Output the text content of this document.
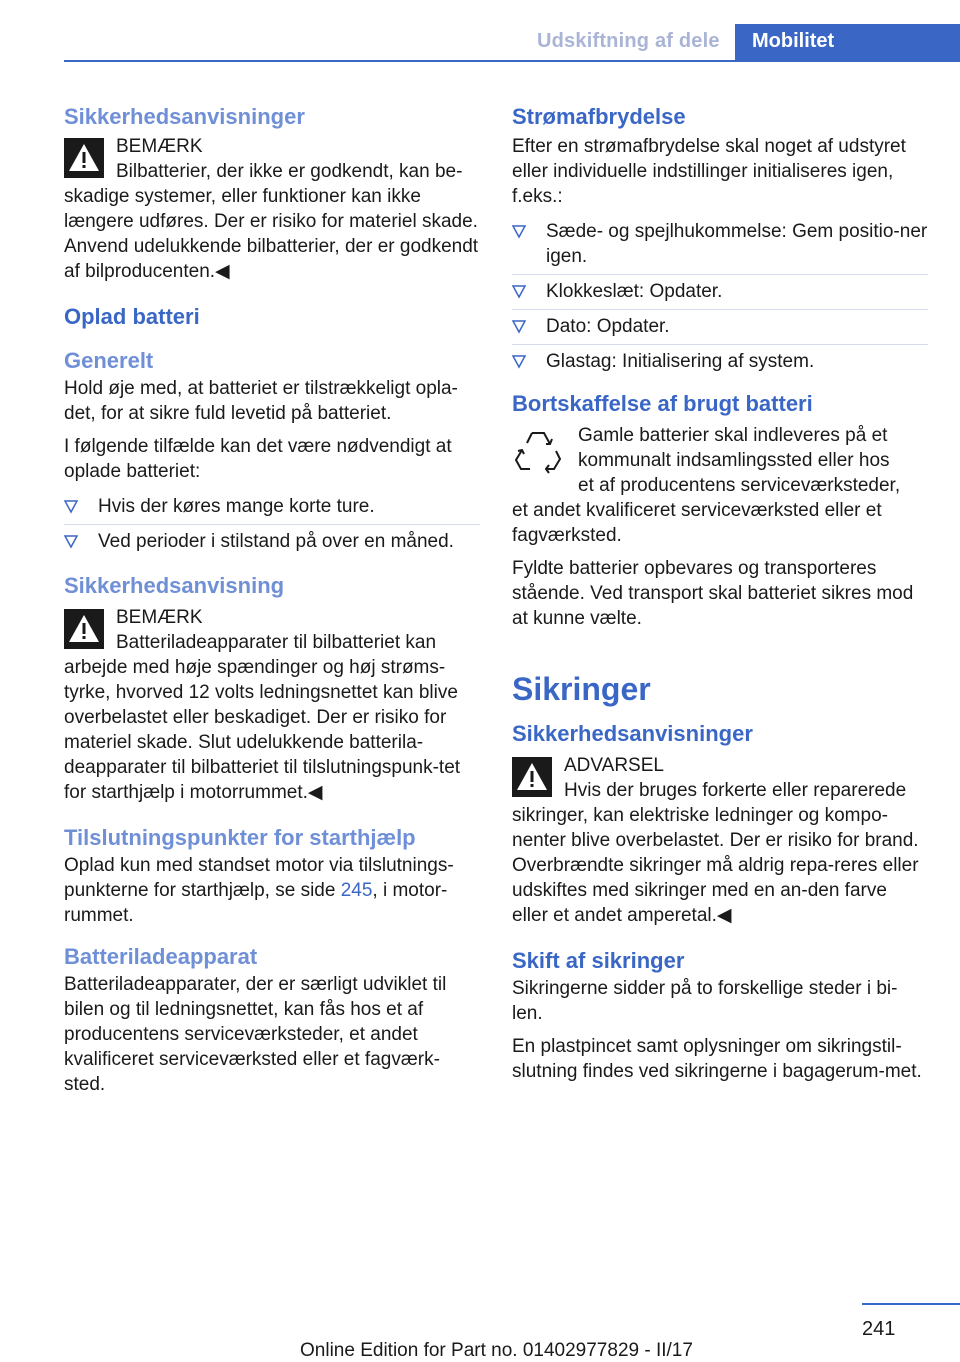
Udskiftning af dele	Mobilitet
Sikkerhedsanvisninger

BEMÆRK

Bilbatterier, der ikke er godkendt, kan be-

skadige systemer, eller funktioner kan ikke længere udføres. Der er risiko for materiel skade. Anvend udelukkende bilbatterier, der er godkendt af bilproducenten.◀

Oplad batteri
Generelt

Hold øje med, at batteriet er tilstrækkeligt opla-det, for at sikre fuld levetid på batteriet.

I følgende tilfælde kan det være nødvendigt at oplade batteriet:

Hvis der køres mange korte ture.
Ved perioder i stilstand på over en måned.
Sikkerhedsanvisning

BEMÆRK

Batteriladeapparater til bilbatteriet kan

arbejde med høje spændinger og høj strøms-tyrke, hvorved 12 volts ledningsnettet kan blive overbelastet eller beskadiget. Der er risiko for materiel skade. Slut udelukkende batterila-deapparater til bilbatteriet til tilslutningspunk-tet for starthjælp i motorrummet.◀

Tilslutningspunkter for starthjælp

Oplad kun med standset motor via tilslutnings-punkterne for starthjælp, se side 245, i motor-rummet.

Batteriladeapparat

Batteriladeapparater, der er særligt udviklet til bilen og til ledningsnettet, kan fås hos et af producentens serviceværksteder, et andet kvalificeret serviceværksted eller et fagværk-sted.

Strømafbrydelse

Efter en strømafbrydelse skal noget af udstyret eller individuelle indstillinger initialiseres igen, f.eks.:

Sæde- og spejlhukommelse: Gem positio-ner igen.
Klokkeslæt: Opdater.
Dato: Opdater.
Glastag: Initialisering af system.
Bortskaffelse af brugt batteri

Gamle batterier skal indleveres på et

kommunalt indsamlingssted eller hos

et af producentens serviceværksteder,

et andet kvalificeret serviceværksted eller et fagværksted.

Fyldte batterier opbevares og transporteres stående. Ved transport skal batteriet sikres mod at kunne vælte.

Sikringer
Sikkerhedsanvisninger

ADVARSEL

Hvis der bruges forkerte eller reparerede

sikringer, kan elektriske ledninger og kompo-nenter blive overbelastet. Der er risiko for brand. Overbrændte sikringer må aldrig repa-reres eller udskiftes med sikringer med en an-den farve eller et andet amperetal.◀

Skift af sikringer

Sikringerne sidder på to forskellige steder i bi-len.

En plastpincet samt oplysninger om sikringstil-slutning findes ved sikringerne i bagagerum-met.

241
Online Edition for Part no. 01402977829 - II/17
